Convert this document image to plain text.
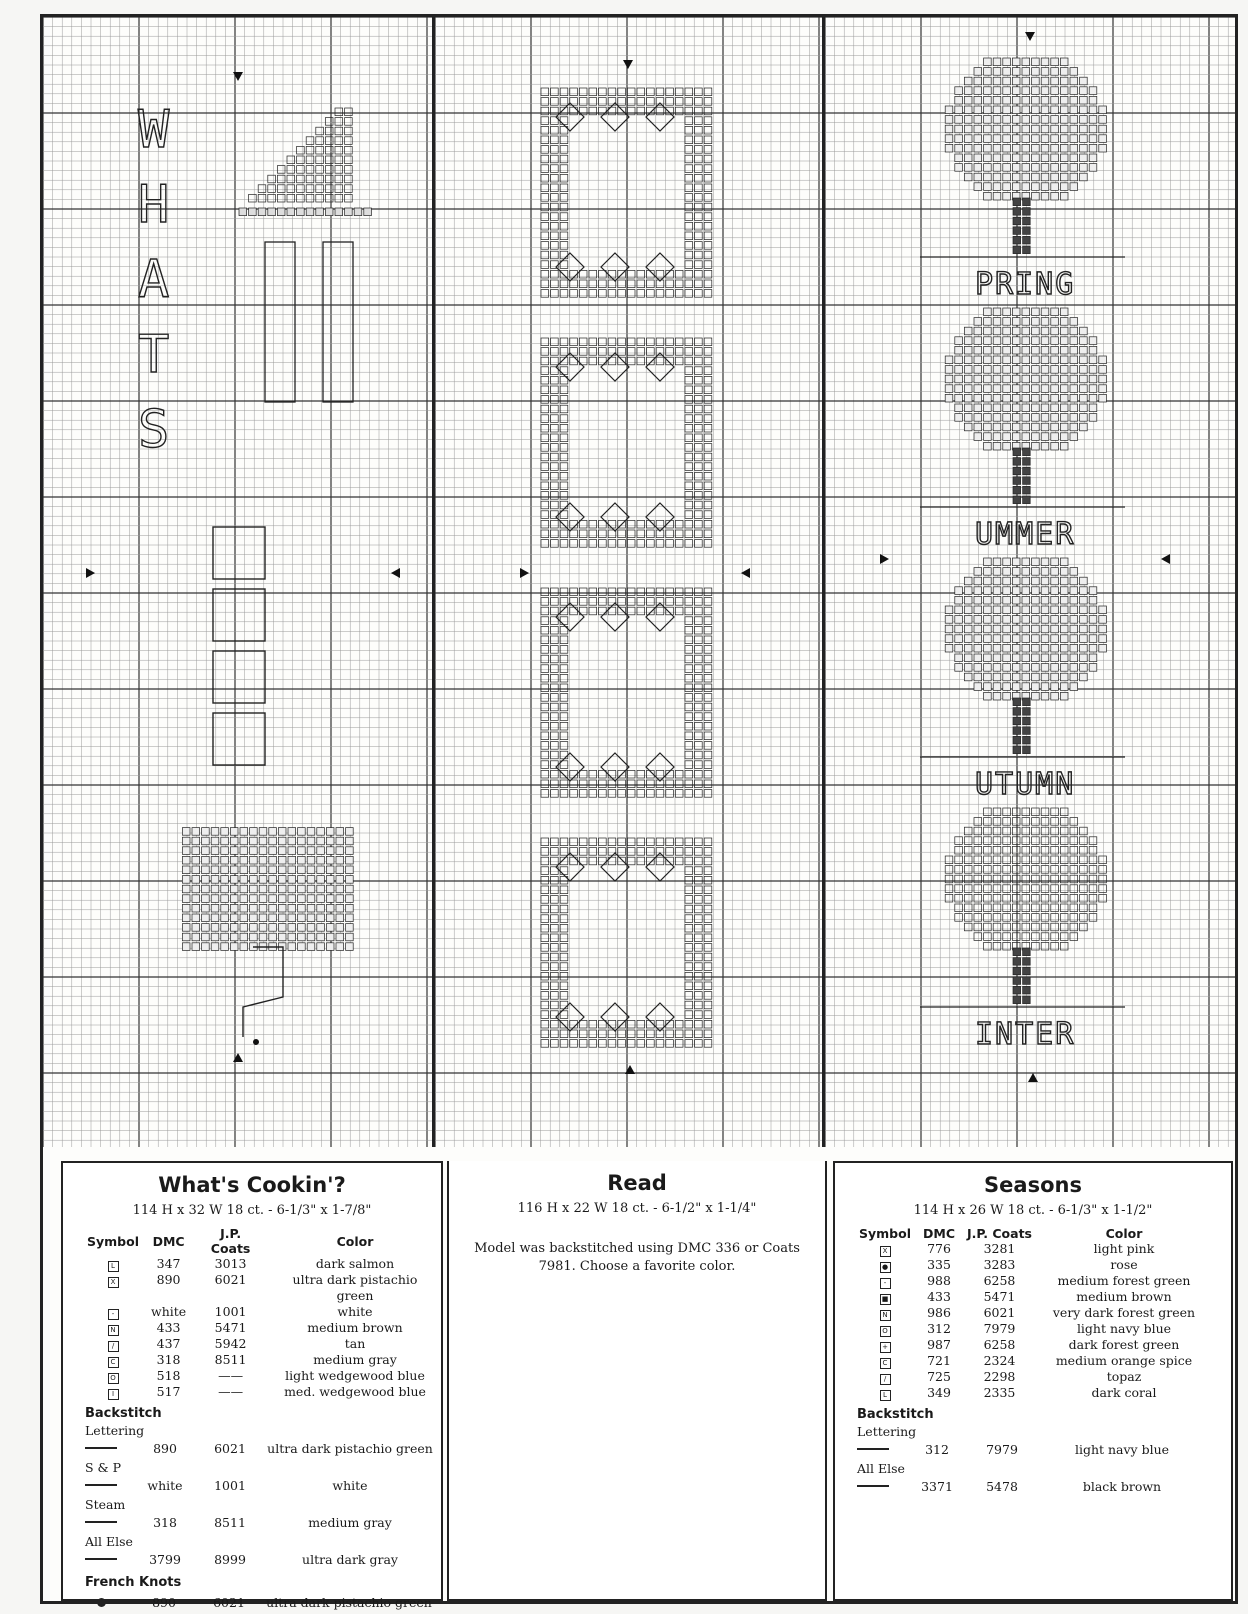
W
H
A
T
S
PRING
UMMER
UTUMN
INTER
What's Cookin'?
114 H x 32 W 18 ct. - 6-1/3" x 1-7/8"
Symbol	DMC	J.P. Coats	Color
L	347	3013	dark salmon
X	890	6021	ultra dark pistachio green
-	white	1001	white
N	433	5471	medium brown
/	437	5942	tan
C	318	8511	medium gray
O	518	——	light wedgewood blue
I	517	——	med. wedgewood blue
Backstitch
Lettering
890	6021	ultra dark pistachio green
S & P
white	1001	white
Steam
318	8511	medium gray
All Else
3799	8999	ultra dark gray
French Knots
890	6021	ultra dark pistachio green
Read
116 H x 22 W 18 ct. - 6-1/2" x 1-1/4"
Model was backstitched using DMC 336 or Coats 7981. Choose a favorite color.
Seasons
114 H x 26 W 18 ct. - 6-1/3" x 1-1/2"
Symbol	DMC	J.P. Coats	Color
X	776	3281	light pink
●	335	3283	rose
-	988	6258	medium forest green
■	433	5471	medium brown
N	986	6021	very dark forest green
O	312	7979	light navy blue
+	987	6258	dark forest green
C	721	2324	medium orange spice
/	725	2298	topaz
L	349	2335	dark coral
Backstitch
Lettering
312	7979	light navy blue
All Else
3371	5478	black brown
